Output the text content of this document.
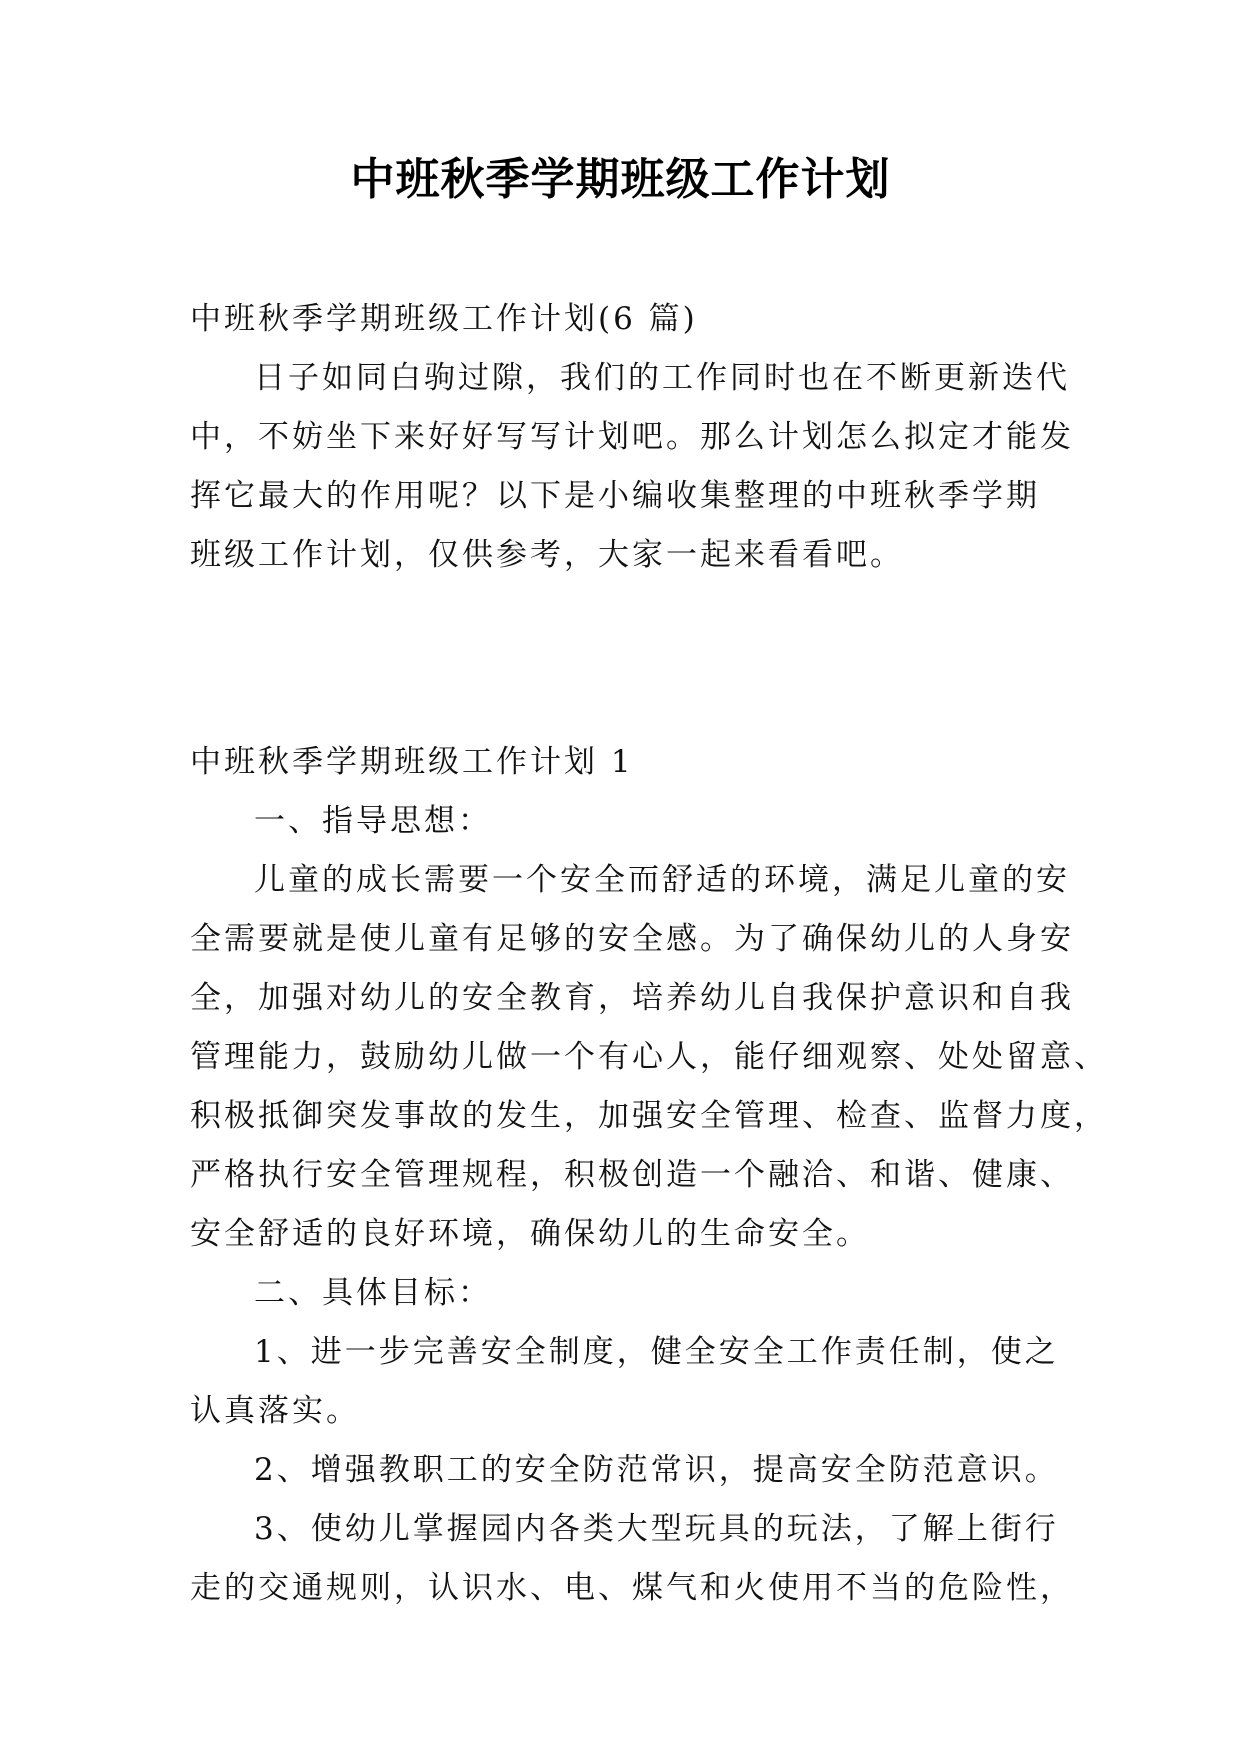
中班秋季学期班级工作计划
中班秋季学期班级工作计划(6 篇)
日子如同白驹过隙，我们的工作同时也在不断更新迭代
中，不妨坐下来好好写写计划吧。那么计划怎么拟定才能发
挥它最大的作用呢？以下是小编收集整理的中班秋季学期
班级工作计划，仅供参考，大家一起来看看吧。
中班秋季学期班级工作计划 1
一、指导思想：
儿童的成长需要一个安全而舒适的环境，满足儿童的安
全需要就是使儿童有足够的安全感。为了确保幼儿的人身安
全，加强对幼儿的安全教育，培养幼儿自我保护意识和自我
管理能力，鼓励幼儿做一个有心人，能仔细观察、处处留意、
积极抵御突发事故的发生，加强安全管理、检查、监督力度，
严格执行安全管理规程，积极创造一个融洽、和谐、健康、
安全舒适的良好环境，确保幼儿的生命安全。
二、具体目标：
1、进一步完善安全制度，健全安全工作责任制，使之
认真落实。
2、增强教职工的安全防范常识，提高安全防范意识。
3、使幼儿掌握园内各类大型玩具的玩法，了解上街行
走的交通规则，认识水、电、煤气和火使用不当的危险性，
